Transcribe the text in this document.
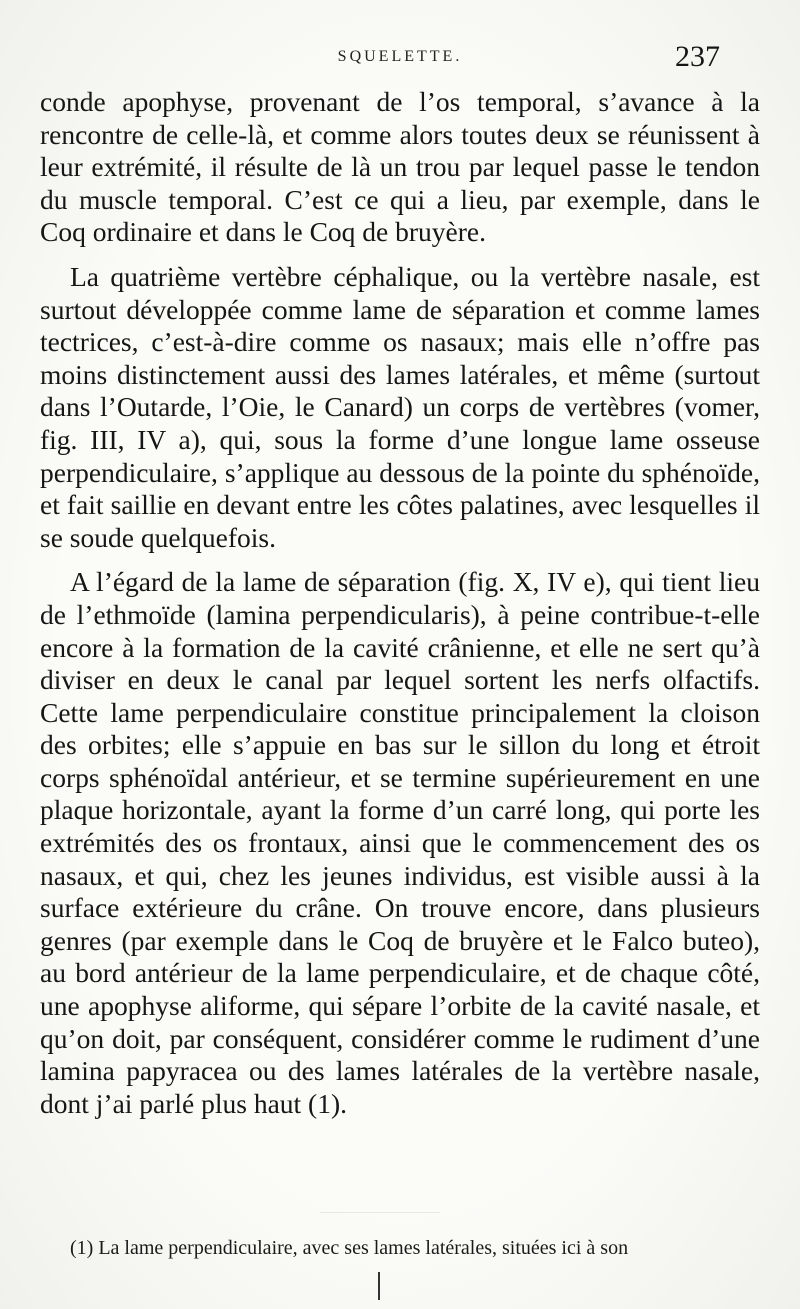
SQUELETTE.	237

conde apophyse, provenant de l’os temporal, s’avance à la rencontre de celle-là, et comme alors toutes deux se réunissent à leur extrémité, il résulte de là un trou par lequel passe le tendon du muscle temporal. C’est ce qui a lieu, par exemple, dans le Coq ordinaire et dans le Coq de bruyère.

La quatrième vertèbre céphalique, ou la vertèbre nasale, est surtout développée comme lame de séparation et comme lames tectrices, c’est-à-dire comme os nasaux; mais elle n’offre pas moins distinctement aussi des lames latérales, et même (surtout dans l’Outarde, l’Oie, le Canard) un corps de vertèbres (vomer, fig. III, IV a), qui, sous la forme d’une longue lame osseuse perpendiculaire, s’applique au dessous de la pointe du sphénoïde, et fait saillie en devant entre les côtes palatines, avec lesquelles il se soude quelquefois.

A l’égard de la lame de séparation (fig. X, IV e), qui tient lieu de l’ethmoïde (lamina perpendicularis), à peine contribue-t-elle encore à la formation de la cavité crânienne, et elle ne sert qu’à diviser en deux le canal par lequel sortent les nerfs olfactifs. Cette lame perpendiculaire constitue principalement la cloison des orbites; elle s’appuie en bas sur le sillon du long et étroit corps sphénoïdal antérieur, et se termine supérieurement en une plaque horizontale, ayant la forme d’un carré long, qui porte les extrémités des os frontaux, ainsi que le commencement des os nasaux, et qui, chez les jeunes individus, est visible aussi à la surface extérieure du crâne. On trouve encore, dans plusieurs genres (par exemple dans le Coq de bruyère et le Falco buteo), au bord antérieur de la lame perpendiculaire, et de chaque côté, une apophyse aliforme, qui sépare l’orbite de la cavité nasale, et qu’on doit, par conséquent, considérer comme le rudiment d’une lamina papyracea ou des lames latérales de la vertèbre nasale, dont j’ai parlé plus haut (1).

(1) La lame perpendiculaire, avec ses lames latérales, situées ici à son
